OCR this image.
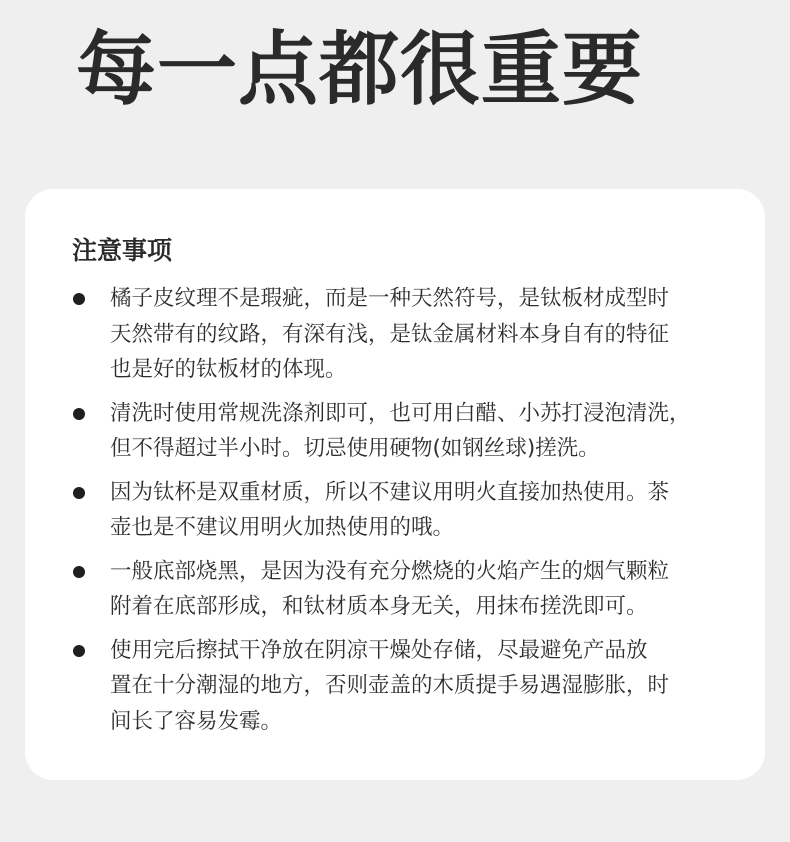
每一点都很重要
注意事项
橘子皮纹理不是瑕疵，而是一种天然符号，是钛板材成型时
天然带有的纹路，有深有浅，是钛金属材料本身自有的特征
也是好的钛板材的体现。
清洗时使用常规洗涤剂即可，也可用白醋、小苏打浸泡清洗，
但不得超过半小时。切忌使用硬物(如钢丝球)搓洗。
因为钛杯是双重材质，所以不建议用明火直接加热使用。茶
壶也是不建议用明火加热使用的哦。
一般底部烧黑，是因为没有充分燃烧的火焰产生的烟气颗粒
附着在底部形成，和钛材质本身无关，用抹布搓洗即可。
使用完后擦拭干净放在阴凉干燥处存储，尽最避免产品放
置在十分潮湿的地方，否则壶盖的木质提手易遇湿膨胀，时
间长了容易发霉。
